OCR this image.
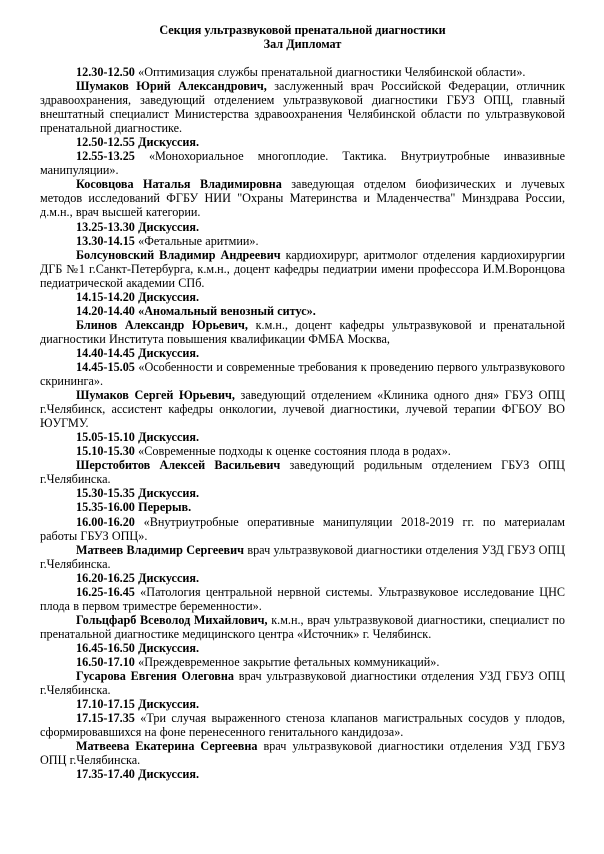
Секция ультразвуковой пренатальной диагностики

Зал Дипломат

12.30-12.50 «Оптимизация службы пренатальной диагностики Челябинской области».

Шумаков Юрий Александрович, заслуженный врач Российской Федерации, отличник здравоохранения, заведующий отделением ультразвуковой диагностики ГБУЗ ОПЦ, главный внештатный специалист Министерства здравоохранения Челябинской области по ультразвуковой пренатальной диагностике.

12.50-12.55 Дискуссия.

12.55-13.25 «Монохориальное многоплодие. Тактика. Внутриутробные инвазивные манипуляции».

Косовцова Наталья Владимировна заведующая отделом биофизических и лучевых методов исследований ФГБУ НИИ "Охраны Материнства и Младенчества" Минздрава России, д.м.н., врач высшей категории.

13.25-13.30 Дискуссия.

13.30-14.15 «Фетальные аритмии».

Болсуновский Владимир Андреевич кардиохирург, аритмолог отделения кардиохирургии ДГБ №1 г.Санкт-Петербурга, к.м.н., доцент кафедры педиатрии имени профессора И.М.Воронцова педиатрической академии СПб.

14.15-14.20 Дискуссия.

14.20-14.40 «Аномальный венозный ситус».

Блинов Александр Юрьевич, к.м.н., доцент кафедры ультразвуковой и пренатальной диагностики Института повышения квалификации ФМБА Москва,

14.40-14.45 Дискуссия.

14.45-15.05 «Особенности и современные требования к проведению первого ультразвукового скрининга».

Шумаков Сергей Юрьевич, заведующий отделением «Клиника одного дня» ГБУЗ ОПЦ г.Челябинск, ассистент кафедры онкологии, лучевой диагностики, лучевой терапии ФГБОУ ВО ЮУГМУ.

15.05-15.10 Дискуссия.

15.10-15.30 «Современные подходы к оценке состояния плода в родах».

Шерстобитов Алексей Васильевич заведующий родильным отделением ГБУЗ ОПЦ г.Челябинска.

15.30-15.35 Дискуссия.

15.35-16.00 Перерыв.

16.00-16.20 «Внутриутробные оперативные манипуляции 2018-2019 гг. по материалам работы ГБУЗ ОПЦ».

Матвеев Владимир Сергеевич врач ультразвуковой диагностики отделения УЗД ГБУЗ ОПЦ г.Челябинска.

16.20-16.25 Дискуссия.

16.25-16.45 «Патология центральной нервной системы. Ультразвуковое исследование ЦНС плода в первом триместре беременности».

Гольцфарб Всеволод Михайлович, к.м.н., врач ультразвуковой диагностики, специалист по пренатальной диагностике медицинского центра «Источник» г. Челябинск.

16.45-16.50 Дискуссия.

16.50-17.10 «Преждевременное закрытие фетальных коммуникаций».

Гусарова Евгения Олеговна врач ультразвуковой диагностики отделения УЗД ГБУЗ ОПЦ г.Челябинска.

17.10-17.15 Дискуссия.

17.15-17.35 «Три случая выраженного стеноза клапанов магистральных сосудов у плодов, сформировавшихся на фоне перенесенного генитального кандидоза».

Матвеева Екатерина Сергеевна врач ультразвуковой диагностики отделения УЗД ГБУЗ ОПЦ г.Челябинска.

17.35-17.40 Дискуссия.
